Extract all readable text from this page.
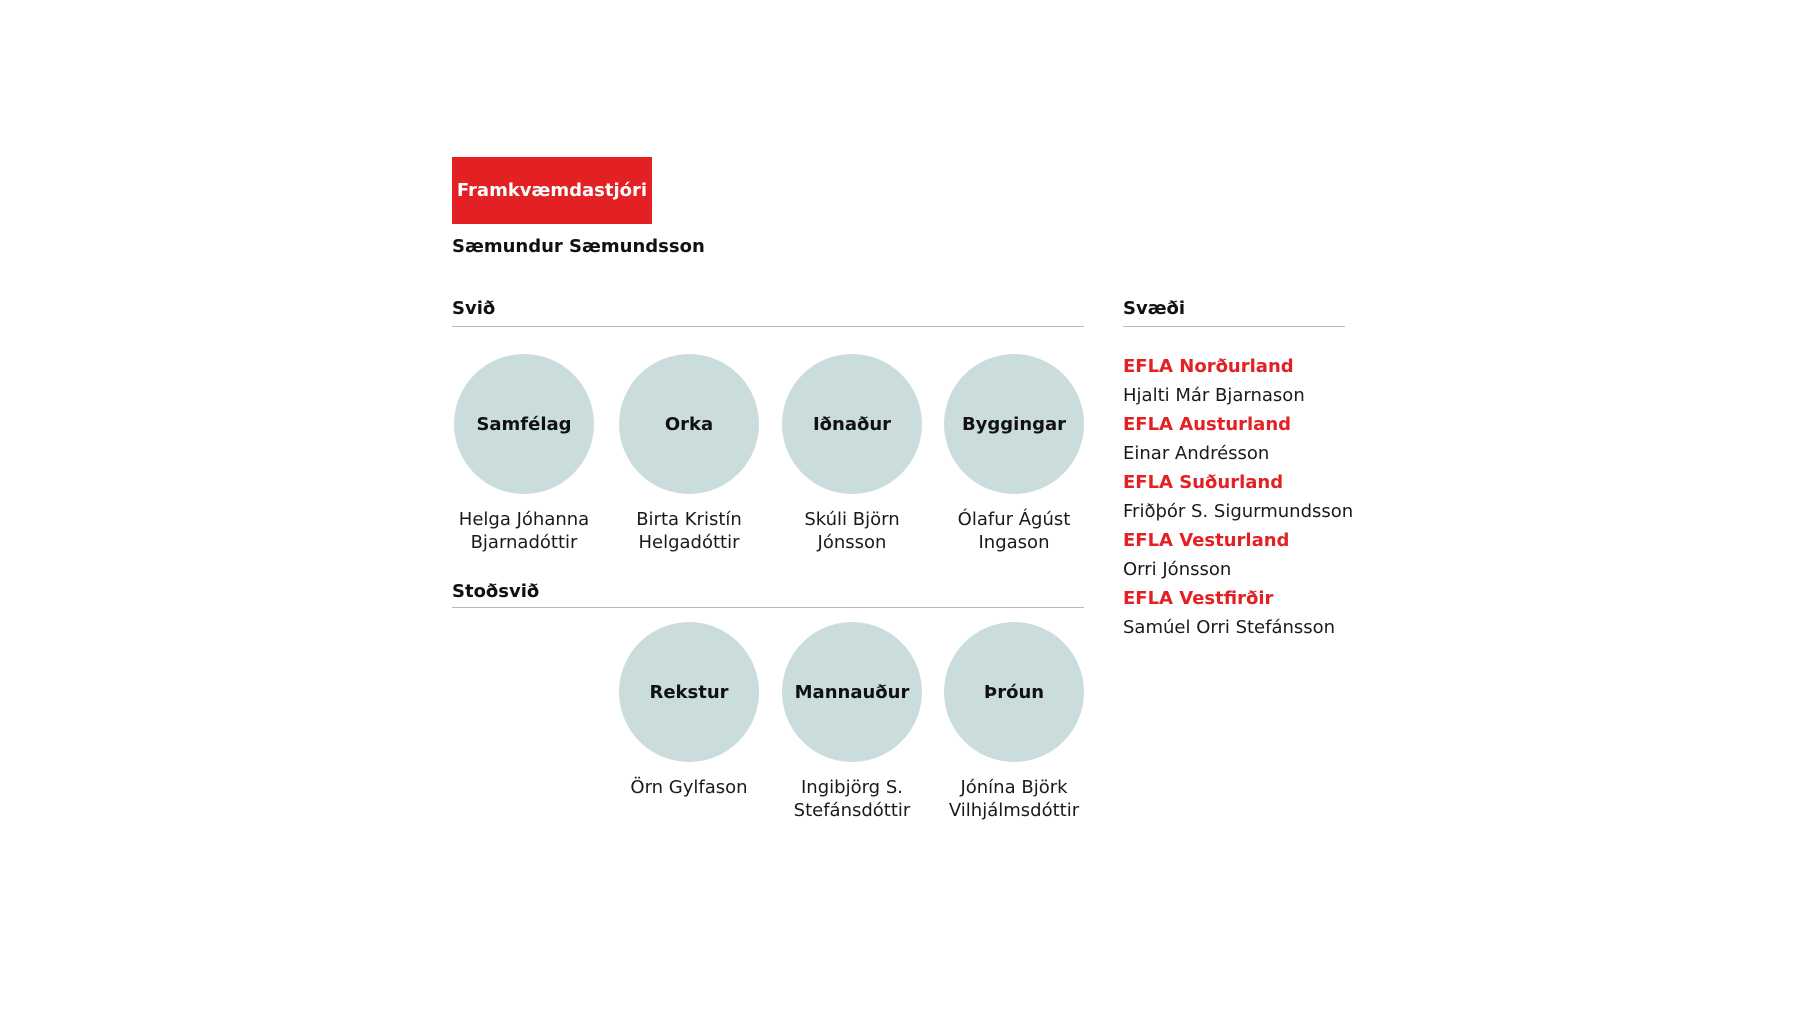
Framkvæmdastjóri
Sæmundur Sæmundsson
Svið
Samfélag
Helga Jóhanna
Bjarnadóttir
Orka
Birta Kristín
Helgadóttir
Iðnaður
Skúli Björn
Jónsson
Byggingar
Ólafur Ágúst
Ingason
Stoðsvið
Rekstur
Örn Gylfason
Mannauður
Ingibjörg S.
Stefánsdóttir
Þróun
Jónína Björk
Vilhjálmsdóttir
Svæði
EFLA Norðurland
Hjalti Már Bjarnason
EFLA Austurland
Einar Andrésson
EFLA Suðurland
Friðþór S. Sigurmundsson
EFLA Vesturland
Orri Jónsson
EFLA Vestfirðir
Samúel Orri Stefánsson
